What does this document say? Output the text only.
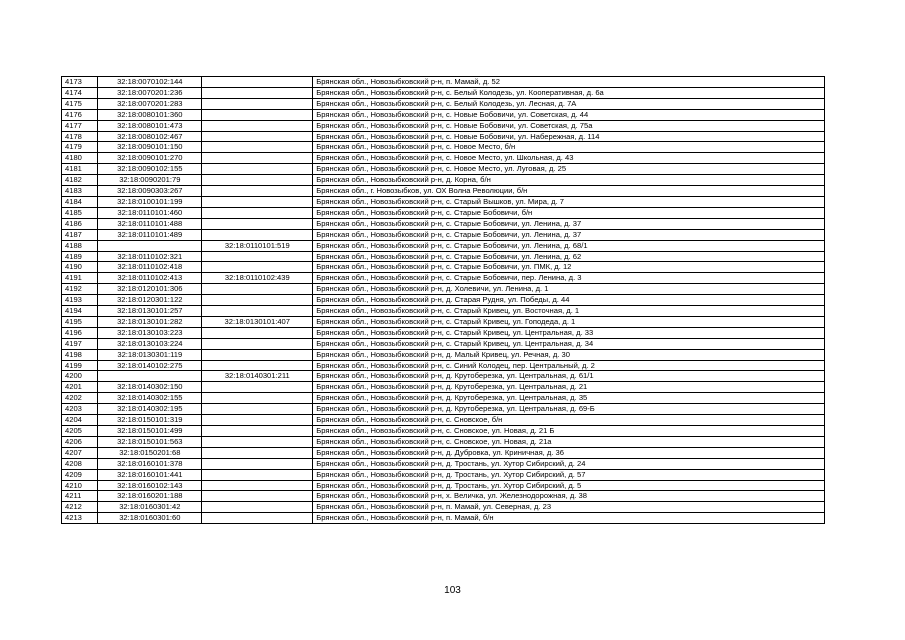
4173	32:18:0070102:144		Брянская обл., Новозыбковский р-н, п. Мамай, д. 52
4174	32:18:0070201:236		Брянская обл., Новозыбковский р-н, с. Белый Колодезь, ул. Кооперативная, д. 6а
4175	32:18:0070201:283		Брянская обл., Новозыбковский р-н, с. Белый Колодезь, ул. Лесная, д. 7А
4176	32:18:0080101:360		Брянская обл., Новозыбковский р-н, с. Новые Бобовичи, ул. Советская, д. 44
4177	32:18:0080101:473		Брянская обл., Новозыбковский р-н, с. Новые Бобовичи, ул. Советская, д. 75а
4178	32:18:0080102:467		Брянская обл., Новозыбковский р-н, с. Новые Бобовичи, ул. Набережная, д. 114
4179	32:18:0090101:150		Брянская обл., Новозыбковский р-н, с. Новое Место, б/н
4180	32:18:0090101:270		Брянская обл., Новозыбковский р-н, с. Новое Место, ул. Школьная, д. 43
4181	32:18:0090102:155		Брянская обл., Новозыбковский р-н, с. Новое Место, ул. Луговая, д. 25
4182	32:18:0090201:79		Брянская обл., Новозыбковский р-н, д. Корна, б/н
4183	32:18:0090303:267		Брянская обл., г. Новозыбков, ул. ОХ Волна Революции, б/н
4184	32:18:0100101:199		Брянская обл., Новозыбковский р-н, с. Старый Вышков, ул. Мира, д. 7
4185	32:18:0110101:460		Брянская обл., Новозыбковский р-н, с. Старые Бобовичи, б/н
4186	32:18:0110101:488		Брянская обл., Новозыбковский р-н, с. Старые Бобовичи, ул. Ленина, д. 37
4187	32:18:0110101:489		Брянская обл., Новозыбковский р-н, с. Старые Бобовичи, ул. Ленина, д. 37
4188		32:18:0110101:519	Брянская обл., Новозыбковский р-н, с. Старые Бобовичи, ул. Ленина, д. 68/1
4189	32:18:0110102:321		Брянская обл., Новозыбковский р-н, с. Старые Бобовичи, ул. Ленина, д. 62
4190	32:18:0110102:418		Брянская обл., Новозыбковский р-н, с. Старые Бобовичи, ул. ПМК, д. 12
4191	32:18:0110102:413	32:18:0110102:439	Брянская обл., Новозыбковский р-н, с. Старые Бобовичи, пер. Ленина, д. 3
4192	32:18:0120101:306		Брянская обл., Новозыбковский р-н, д. Холевичи, ул. Ленина, д. 1
4193	32:18:0120301:122		Брянская обл., Новозыбковский р-н, д. Старая Рудня, ул. Победы, д. 44
4194	32:18:0130101:257		Брянская обл., Новозыбковский р-н, с. Старый Кривец, ул. Восточная, д. 1
4195	32:18:0130101:282	32:18:0130101:407	Брянская обл., Новозыбковский р-н, с. Старый Кривец, ул. Гоподеда, д. 1
4196	32:18:0130103:223		Брянская обл., Новозыбковский р-н, с. Старый Кривец, ул. Центральная, д. 33
4197	32:18:0130103:224		Брянская обл., Новозыбковский р-н, с. Старый Кривец, ул. Центральная, д. 34
4198	32:18:0130301:119		Брянская обл., Новозыбковский р-н, д. Малый Кривец, ул. Речная, д. 30
4199	32:18:0140102:275		Брянская обл., Новозыбковский р-н, с. Синий Колодец, пер. Центральный, д. 2
4200		32:18:0140301:211	Брянская обл., Новозыбковский р-н, д. Крутоберезка, ул. Центральная, д. 61/1
4201	32:18:0140302:150		Брянская обл., Новозыбковский р-н, д. Крутоберезка, ул. Центральная, д. 21
4202	32:18:0140302:155		Брянская обл., Новозыбковский р-н, д. Крутоберезка, ул. Центральная, д. 35
4203	32:18:0140302:195		Брянская обл., Новозыбковский р-н, д. Крутоберезка, ул. Центральная, д. 69-Б
4204	32:18:0150101:319		Брянская обл., Новозыбковский р-н, с. Сновское, б/н
4205	32:18:0150101:499		Брянская обл., Новозыбковский р-н, с. Сновское, ул. Новая, д. 21 Б
4206	32:18:0150101:563		Брянская обл., Новозыбковский р-н, с. Сновское, ул. Новая, д. 21а
4207	32:18:0150201:68		Брянская обл., Новозыбковский р-н, д. Дубровка, ул. Криничная, д. 36
4208	32:18:0160101:378		Брянская обл., Новозыбковский р-н, д. Тростань, ул. Хутор Сибирский, д. 24
4209	32:18:0160101:441		Брянская обл., Новозыбковский р-н, д. Тростань, ул. Хутор Сибирский, д. 57
4210	32:18:0160102:143		Брянская обл., Новозыбковский р-н, д. Тростань, ул. Хутор Сибирский, д. 5
4211	32:18:0160201:188		Брянская обл., Новозыбковский р-н, х. Величка, ул. Железнодорожная, д. 38
4212	32:18:0160301:42		Брянская обл., Новозыбковский р-н, п. Мамай, ул. Северная, д. 23
4213	32:18:0160301:60		Брянская обл., Новозыбковский р-н, п. Мамай, б/н
103
